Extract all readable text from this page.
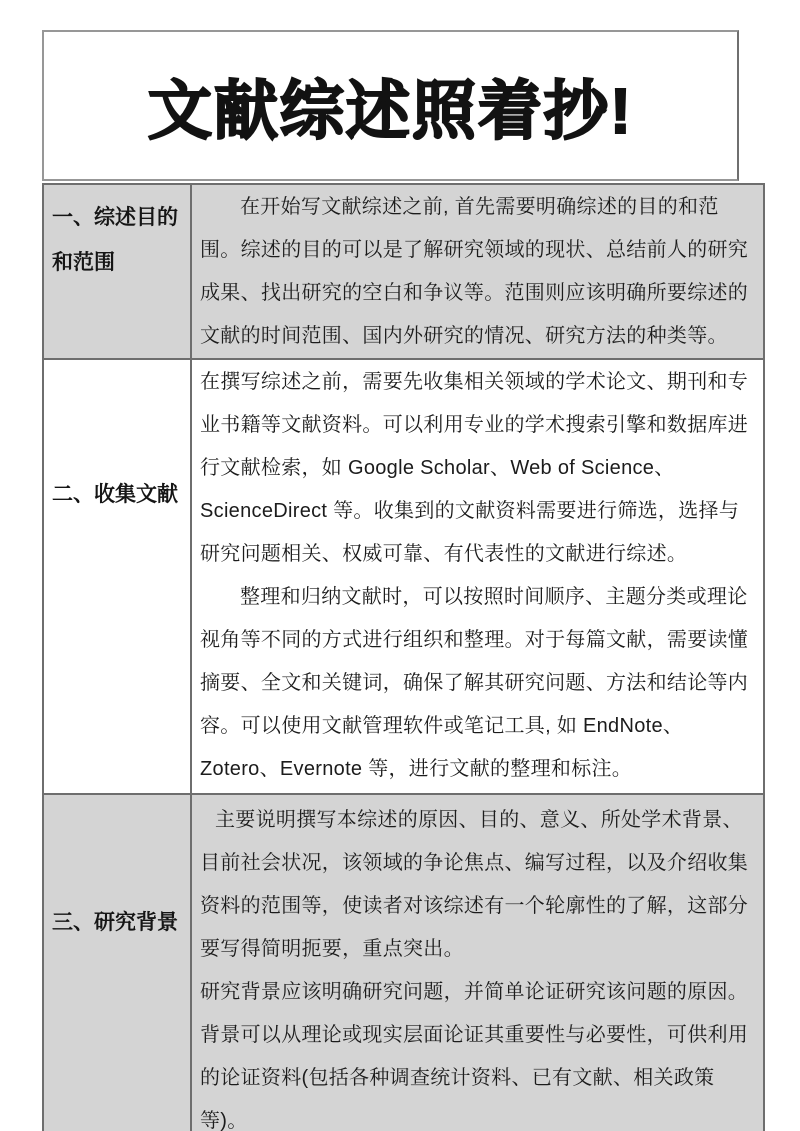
文献综述照着抄!
一、综述目的和范围	在开始写文献综述之前, 首先需要明确综述的目的和范围。综述的目的可以是了解研究领域的现状、总结前人的研究成果、找出研究的空白和争议等。范围则应该明确所要综述的文献的时间范围、国内外研究的情况、研究方法的种类等。

二、收集文献	在撰写综述之前，需要先收集相关领域的学术论文、期刊和专业书籍等文献资料。可以利用专业的学术搜索引擎和数据库进行文献检索，如 Google Scholar、Web of Science、ScienceDirect 等。收集到的文献资料需要进行筛选，选择与研究问题相关、权威可靠、有代表性的文献进行综述。

整理和归纳文献时，可以按照时间顺序、主题分类或理论视角等不同的方式进行组织和整理。对于每篇文献，需要读懂摘要、全文和关键词，确保了解其研究问题、方法和结论等内容。可以使用文献管理软件或笔记工具, 如 EndNote、Zotero、Evernote 等，进行文献的整理和标注。

三、研究背景	主要说明撰写本综述的原因、目的、意义、所处学术背景、目前社会状况，该领域的争论焦点、编写过程，以及介绍收集资料的范围等，使读者对该综述有一个轮廓性的了解，这部分要写得简明扼要，重点突出。

研究背景应该明确研究问题，并简单论证研究该问题的原因。背景可以从理论或现实层面论证其重要性与必要性，可供利用的论证资料(包括各种调查统计资料、已有文献、相关政策等)。
